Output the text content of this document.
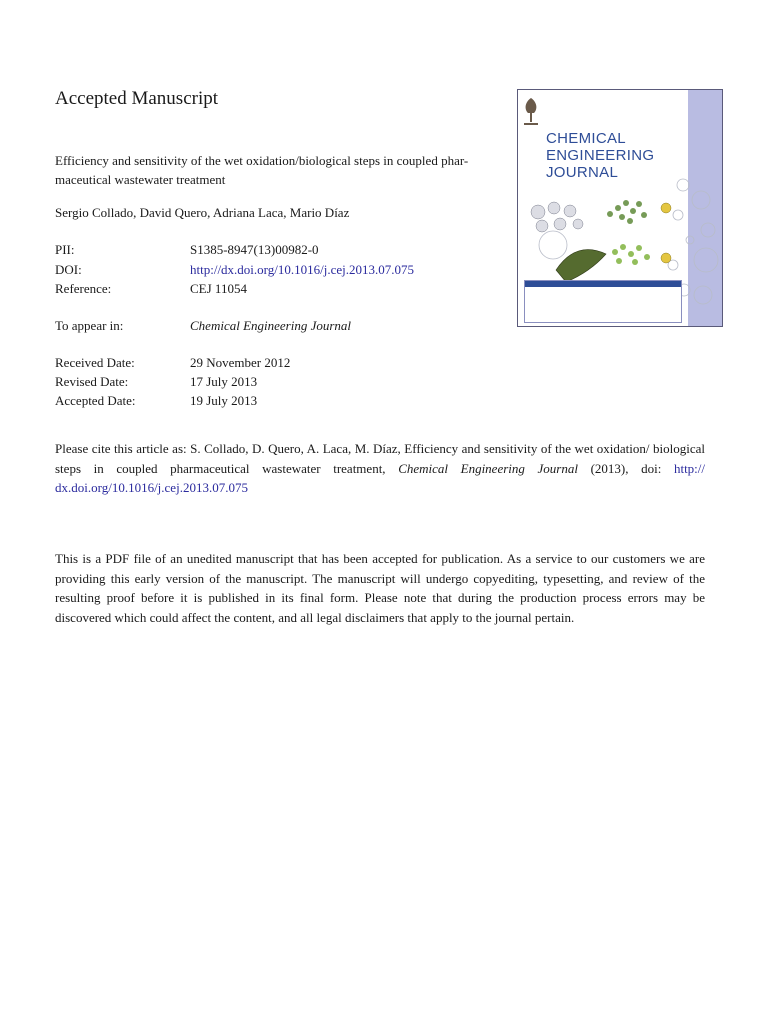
Accepted Manuscript
Efficiency and sensitivity of the wet oxidation/biological steps in coupled phar-
maceutical wastewater treatment
Sergio Collado, David Quero, Adriana Laca, Mario Díaz
PII:	S1385-8947(13)00982-0
DOI:	http://dx.doi.org/10.1016/j.cej.2013.07.075
Reference:	CEJ 11054
To appear in:	Chemical Engineering Journal
Received Date:	29 November 2012
Revised Date:	17 July 2013
Accepted Date:	19 July 2013
Please cite this article as: S. Collado, D. Quero, A. Laca, M. Díaz, Efficiency and sensitivity of the wet oxidation/ biological steps in coupled pharmaceutical wastewater treatment, Chemical Engineering Journal (2013), doi: http:// dx.doi.org/10.1016/j.cej.2013.07.075
This is a PDF file of an unedited manuscript that has been accepted for publication. As a service to our customers we are providing this early version of the manuscript. The manuscript will undergo copyediting, typesetting, and review of the resulting proof before it is published in its final form. Please note that during the production process errors may be discovered which could affect the content, and all legal disclaimers that apply to the journal pertain.
CHEMICAL
ENGINEERING
JOURNAL
